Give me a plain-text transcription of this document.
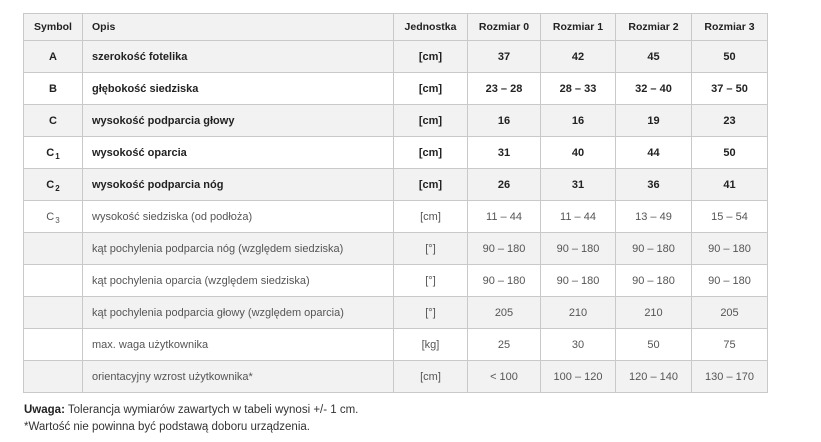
Symbol	Opis	Jednostka	Rozmiar 0	Rozmiar 1	Rozmiar 2	Rozmiar 3
A	szerokość fotelika	[cm]	37	42	45	50
B	głębokość siedziska	[cm]	23 – 28	28 – 33	32 – 40	37 – 50
C	wysokość podparcia głowy	[cm]	16	16	19	23
$C_1$	wysokość oparcia	[cm]	31	40	44	50
$C_2$	wysokość podparcia nóg	[cm]	26	31	36	41
$C_3$	wysokość siedziska (od podłoża)	[cm]	11 – 44	11 – 44	13 – 49	15 – 54
	kąt pochylenia podparcia nóg (względem siedziska)	[°]	90 – 180	90 – 180	90 – 180	90 – 180
	kąt pochylenia oparcia (względem siedziska)	[°]	90 – 180	90 – 180	90 – 180	90 – 180
	kąt pochylenia podparcia głowy (względem oparcia)	[°]	205	210	210	205
	max. waga użytkownika	[kg]	25	30	50	75
	orientacyjny wzrost użytkownika*	[cm]	< 100	100 – 120	120 – 140	130 – 170
Uwaga: Tolerancja wymiarów zawartych w tabeli wynosi +/- 1 cm.
*Wartość nie powinna być podstawą doboru urządzenia.
